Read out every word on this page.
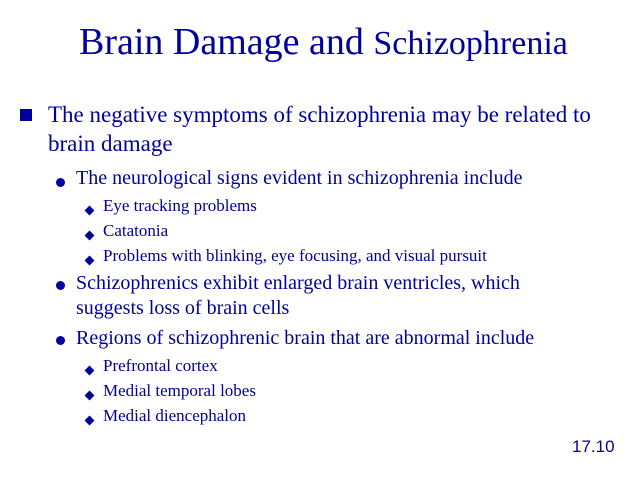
Brain Damage and Schizophrenia
The negative symptoms of schizophrenia may be related to brain damage
The neurological signs evident in schizophrenia include
Eye tracking problems
Catatonia
Problems with blinking, eye focusing, and visual pursuit
Schizophrenics exhibit enlarged brain ventricles, which suggests loss of brain cells
Regions of schizophrenic brain that are abnormal include
Prefrontal cortex
Medial temporal lobes
Medial diencephalon
17.10
